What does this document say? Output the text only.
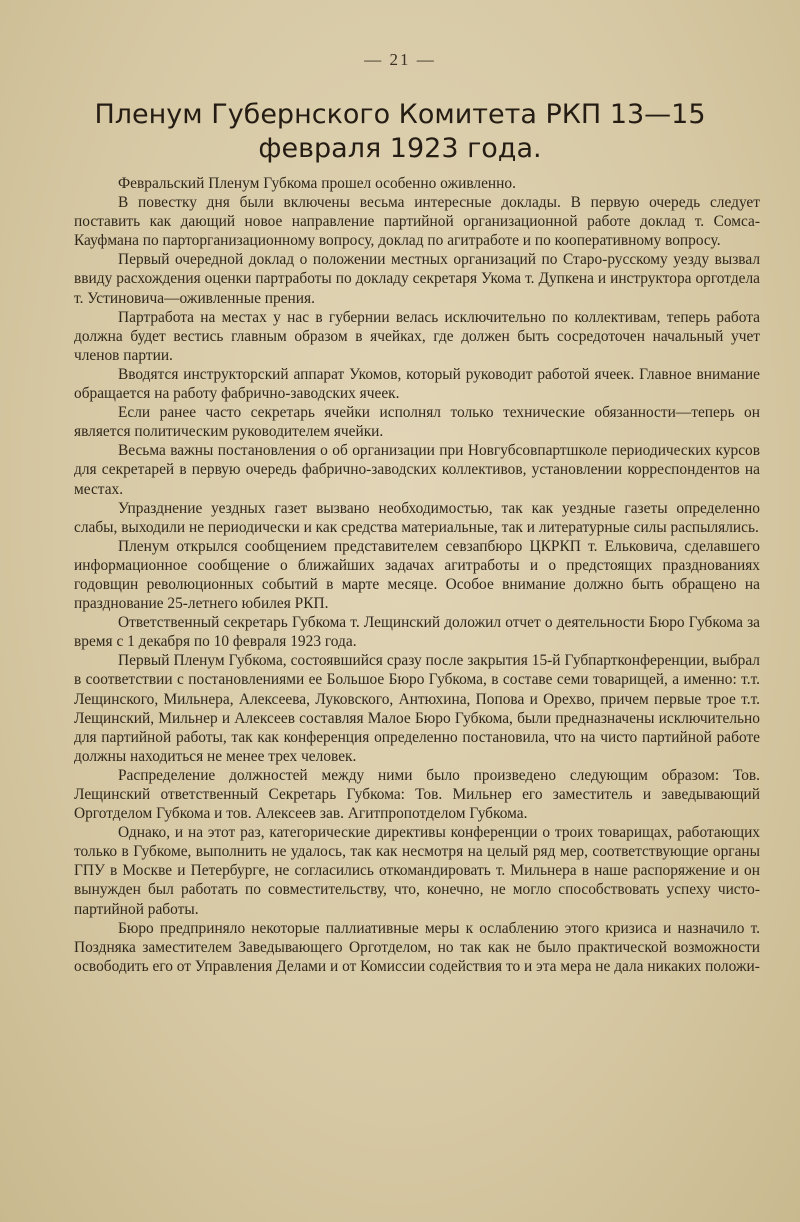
— 21 —
Пленум Губернского Комитета РКП 13—15 февраля 1923 года.

Февральский Пленум Губкома прошел особенно оживленно.

В повестку дня были включены весьма интересные доклады. В первую очередь следует поставить как дающий новое направление партийной организационной работе доклад т. Сомса-Кауфмана по парторганизационному вопросу, доклад по агитработе и по кооперативному вопросу.

Первый очередной доклад о положении местных организаций по Старо-русскому уезду вызвал ввиду расхождения оценки партработы по докладу секретаря Укома т. Дупкена и инструктора орготдела т. Устиновича—оживленные прения.

Партработа на местах у нас в губернии велась исключительно по коллективам, теперь работа должна будет вестись главным образом в ячейках, где должен быть сосредоточен начальный учет членов партии.

Вводятся инструкторский аппарат Укомов, который руководит работой ячеек. Главное внимание обращается на работу фабрично-заводских ячеек.

Если ранее часто секретарь ячейки исполнял только технические обязанности—теперь он является политическим руководителем ячейки.

Весьма важны постановления о об организации при Новгубсовпартшколе периодических курсов для секретарей в первую очередь фабрично-заводских коллективов, установлении корреспондентов на местах.

Упразднение уездных газет вызвано необходимостью, так как уездные газеты определенно слабы, выходили не периодически и как средства материальные, так и литературные силы распылялись.

Пленум открылся сообщением представителем севзапбюро ЦКРКП т. Ельковича, сделавшего информационное сообщение о ближайших задачах агитработы и о предстоящих празднованиях годовщин революционных событий в марте месяце. Особое внимание должно быть обращено на празднование 25-летнего юбилея РКП.

Ответственный секретарь Губкома т. Лещинский доложил отчет о деятельности Бюро Губкома за время с 1 декабря по 10 февраля 1923 года.

Первый Пленум Губкома, состоявшийся сразу после закрытия 15-й Губпартконференции, выбрал в соответствии с постановлениями ее Большое Бюро Губкома, в составе семи товарищей, а именно: т.т. Лещинского, Мильнера, Алексеева, Луковского, Антюхина, Попова и Орехво, причем первые трое т.т. Лещинский, Мильнер и Алексеев составляя Малое Бюро Губкома, были предназначены исключительно для партийной работы, так как конференция определенно постановила, что на чисто партийной работе должны находиться не менее трех человек.

Распределение должностей между ними было произведено следующим образом: Тов. Лещинский ответственный Секретарь Губкома: Тов. Мильнер его заместитель и заведывающий Орготделом Губкома и тов. Алексеев зав. Агитпропотделом Губкома.

Однако, и на этот раз, категорические директивы конференции о троих товарищах, работающих только в Губкоме, выполнить не удалось, так как несмотря на целый ряд мер, соответствующие органы ГПУ в Москве и Петербурге, не согласились откомандировать т. Мильнера в наше распоряжение и он вынужден был работать по совместительству, что, конечно, не могло способствовать успеху чисто-партийной работы.

Бюро предприняло некоторые паллиативные меры к ослаблению этого кризиса и назначило т. Поздняка заместителем Заведывающего Орготделом, но так как не было практической возможности освободить его от Управления Делами и от Комиссии содействия то и эта мера не дала никаких положи-
